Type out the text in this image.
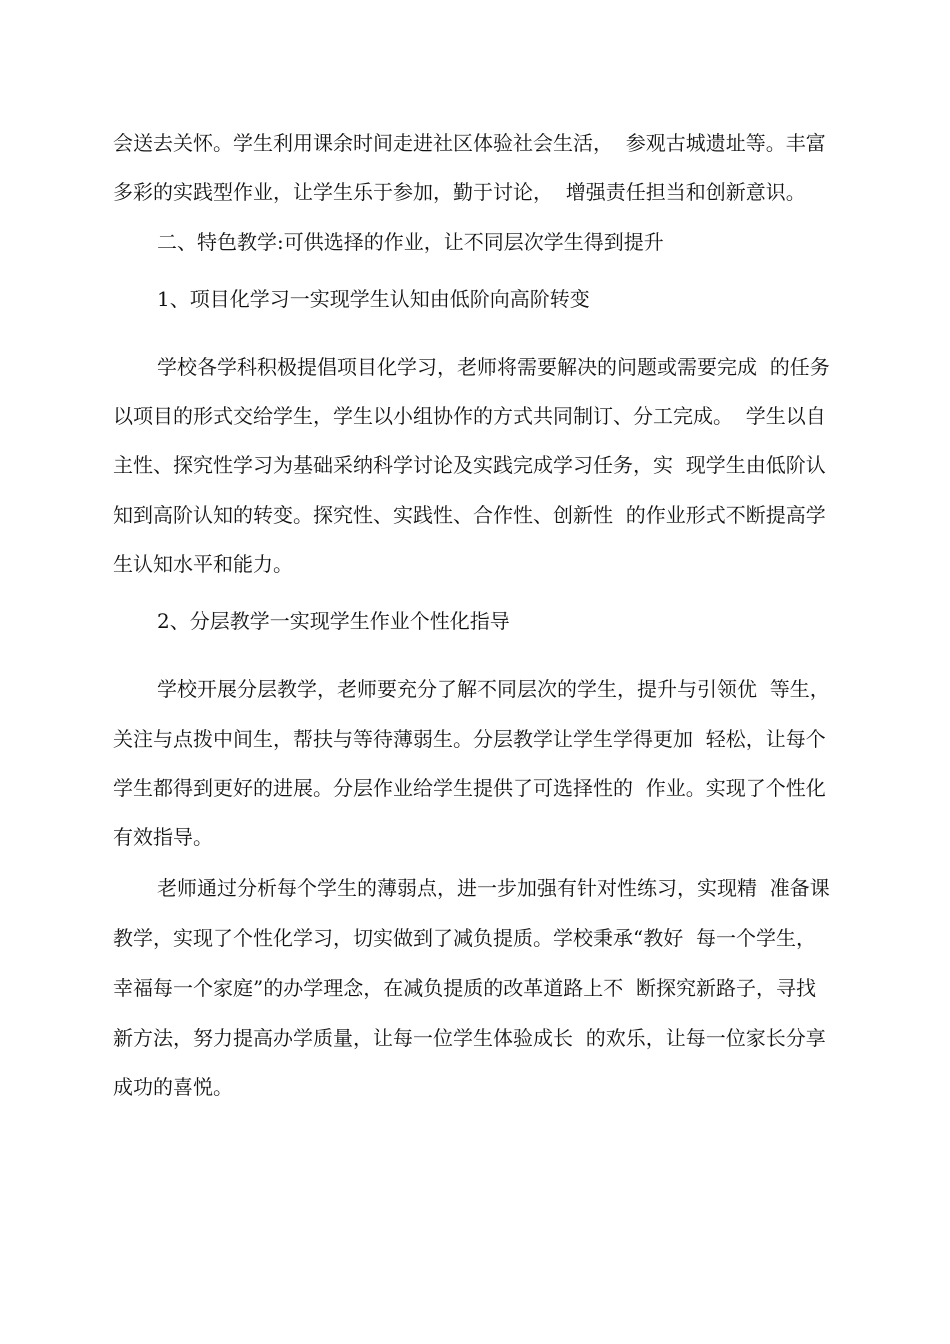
会送去关怀。学生利用课余时间走进社区体验社会生活，  参观古城遗址等。丰富
多彩的实践型作业，让学生乐于参加，勤于讨论，  增强责任担当和创新意识。
二、特色教学:可供选择的作业，让不同层次学生得到提升
1、项目化学习一实现学生认知由低阶向高阶转变
学校各学科积极提倡项目化学习，老师将需要解决的问题或需要完成  的任务
以项目的形式交给学生，学生以小组协作的方式共同制订、分工完成。  学生以自
主性、探究性学习为基础采纳科学讨论及实践完成学习任务，实  现学生由低阶认
知到高阶认知的转变。探究性、实践性、合作性、创新性  的作业形式不断提高学
生认知水平和能力。
2、分层教学一实现学生作业个性化指导
学校开展分层教学，老师要充分了解不同层次的学生，提升与引领优  等生，
关注与点拨中间生，帮扶与等待薄弱生。分层教学让学生学得更加  轻松，让每个
学生都得到更好的进展。分层作业给学生提供了可选择性的  作业。实现了个性化
有效指导。
老师通过分析每个学生的薄弱点，进一步加强有针对性练习，实现精  准备课
教学，实现了个性化学习，切实做到了减负提质。学校秉承“教好  每一个学生，
幸福每一个家庭”的办学理念，在减负提质的改革道路上不  断探究新路子，寻找
新方法，努力提高办学质量，让每一位学生体验成长  的欢乐，让每一位家长分享
成功的喜悦。
